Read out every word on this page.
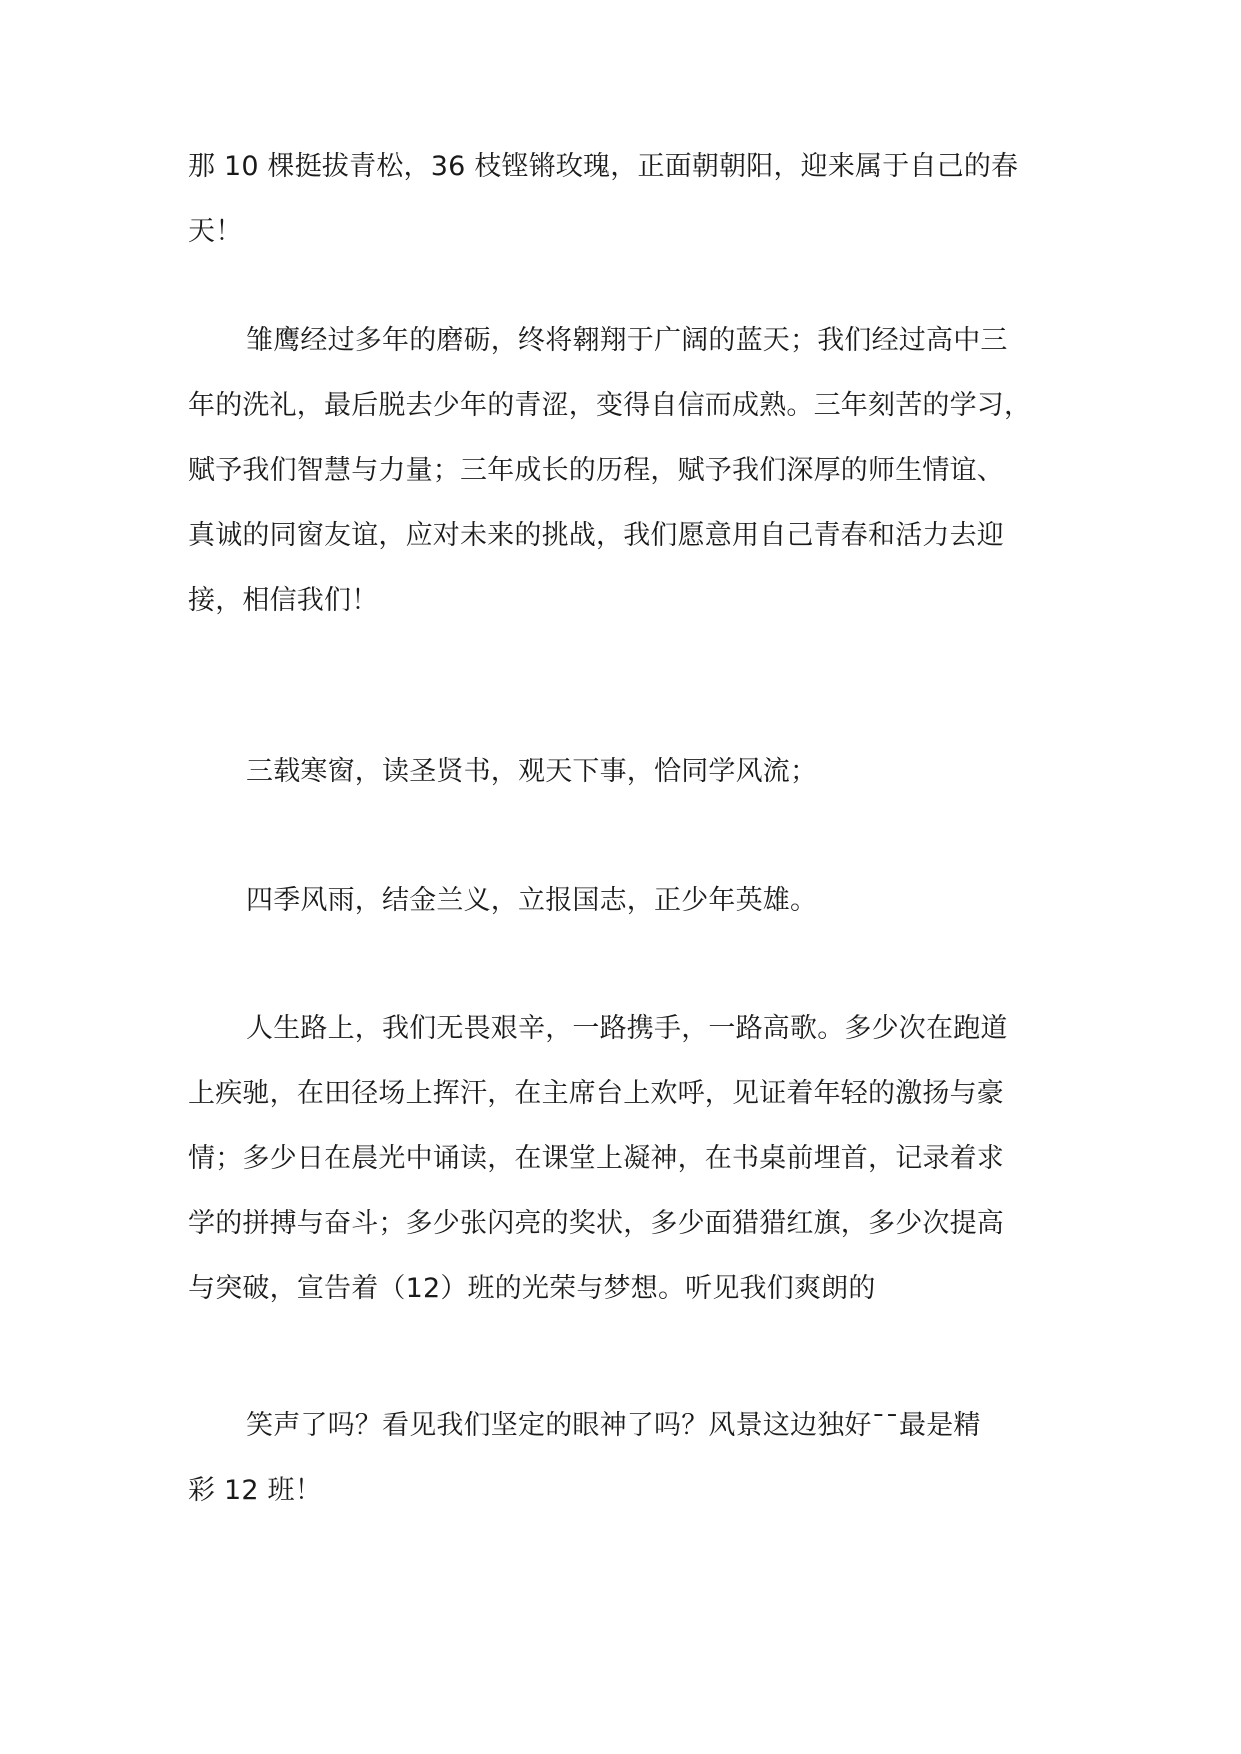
那 10 棵挺拔青松，36 枝铿锵玫瑰，正面朝朝阳，迎来属于自己的春
天！
雏鹰经过多年的磨砺，终将翱翔于广阔的蓝天；我们经过高中三
年的洗礼，最后脱去少年的青涩，变得自信而成熟。三年刻苦的学习，
赋予我们智慧与力量；三年成长的历程，赋予我们深厚的师生情谊、
真诚的同窗友谊，应对未来的挑战，我们愿意用自己青春和活力去迎
接，相信我们！
三载寒窗，读圣贤书，观天下事，恰同学风流；
四季风雨，结金兰义，立报国志，正少年英雄。
人生路上，我们无畏艰辛，一路携手，一路高歌。多少次在跑道
上疾驰，在田径场上挥汗，在主席台上欢呼，见证着年轻的激扬与豪
情；多少日在晨光中诵读，在课堂上凝神，在书桌前埋首，记录着求
学的拼搏与奋斗；多少张闪亮的奖状，多少面猎猎红旗，多少次提高
与突破，宣告着（12）班的光荣与梦想。听见我们爽朗的
笑声了吗？看见我们坚定的眼神了吗？风景这边独好¯¯最是精
彩 12 班！
